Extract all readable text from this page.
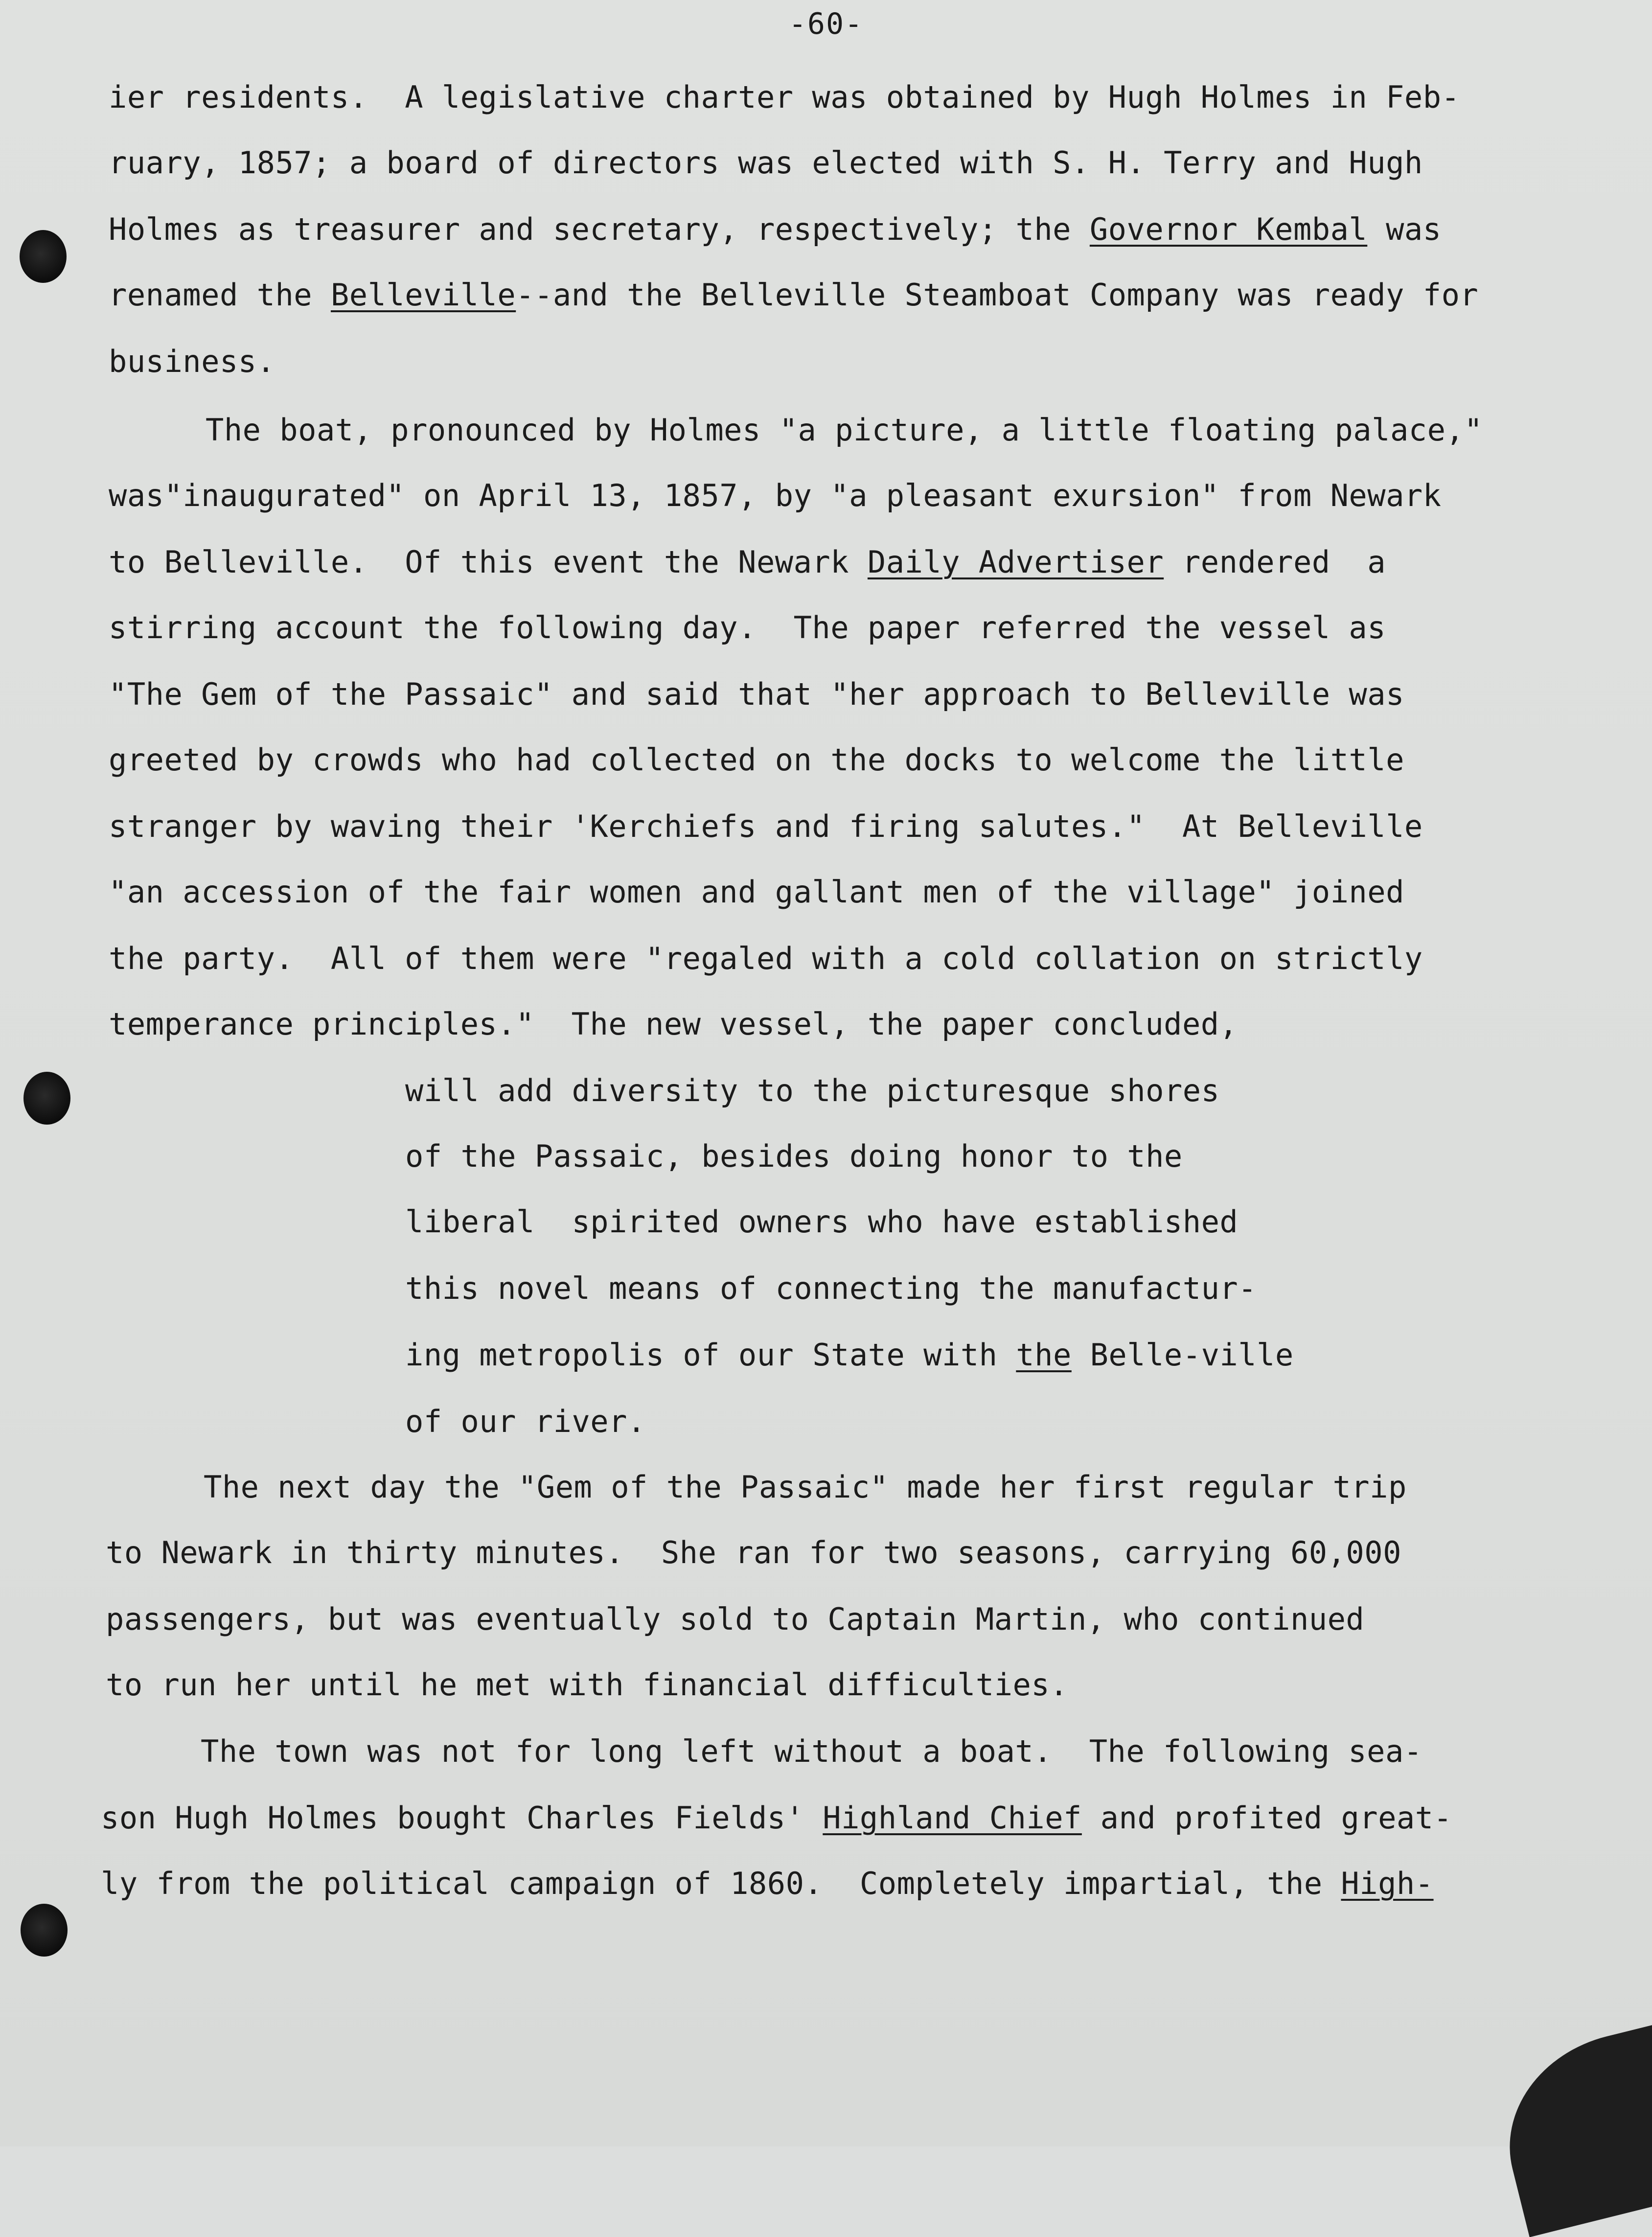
-60-
ier residents.  A legislative charter was obtained by Hugh Holmes in Feb-
ruary, 1857; a board of directors was elected with S. H. Terry and Hugh
Holmes as treasurer and secretary, respectively; the Governor Kembal was
renamed the Belleville--and the Belleville Steamboat Company was ready for
business.
The boat, pronounced by Holmes "a picture, a little floating palace,"
was"inaugurated" on April 13, 1857, by "a pleasant exursion" from Newark
to Belleville.  Of this event the Newark Daily Advertiser rendered  a
stirring account the following day.  The paper referred the vessel as
"The Gem of the Passaic" and said that "her approach to Belleville was
greeted by crowds who had collected on the docks to welcome the little
stranger by waving their 'Kerchiefs and firing salutes."  At Belleville
"an accession of the fair women and gallant men of the village" joined
the party.  All of them were "regaled with a cold collation on strictly
temperance principles."  The new vessel, the paper concluded,
will add diversity to the picturesque shores
of the Passaic, besides doing honor to the
liberal  spirited owners who have established
this novel means of connecting the manufactur-
ing metropolis of our State with the Belle-ville
of our river.
The next day the "Gem of the Passaic" made her first regular trip
to Newark in thirty minutes.  She ran for two seasons, carrying 60,000
passengers, but was eventually sold to Captain Martin, who continued
to run her until he met with financial difficulties.
The town was not for long left without a boat.  The following sea-
son Hugh Holmes bought Charles Fields' Highland Chief and profited great-
ly from the political campaign of 1860.  Completely impartial, the High-
